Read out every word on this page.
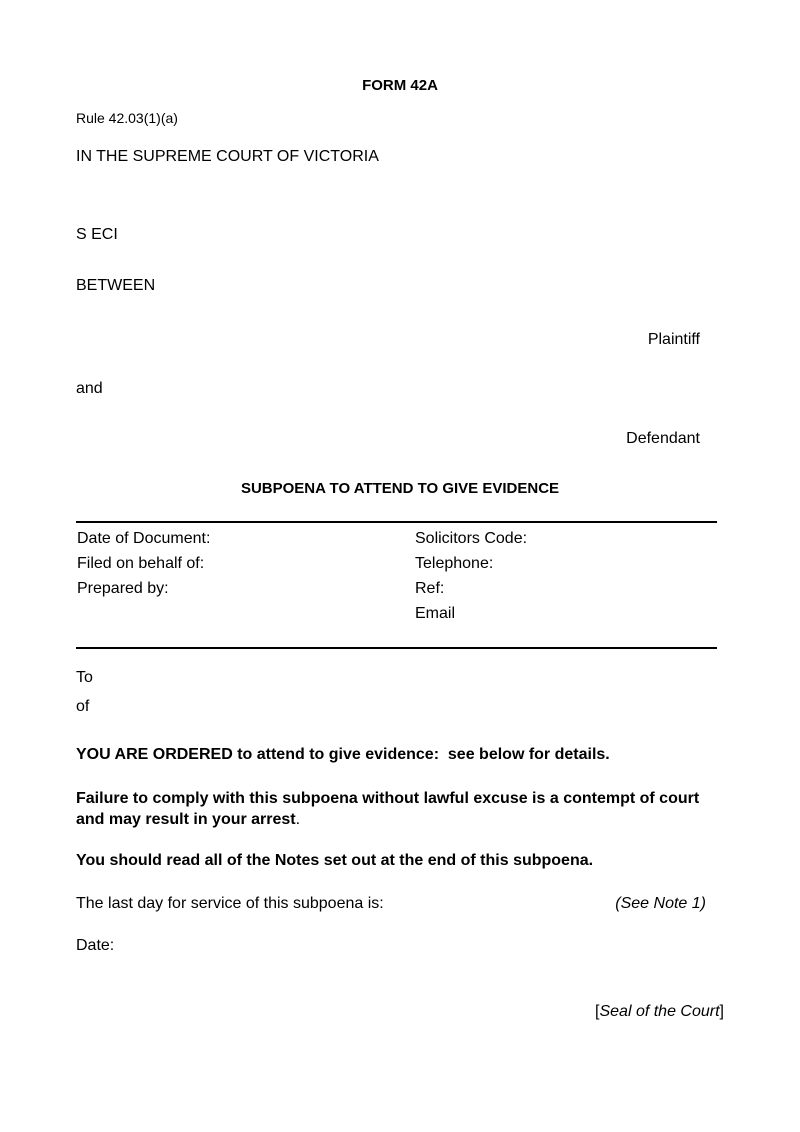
FORM 42A
Rule 42.03(1)(a)
IN THE SUPREME COURT OF VICTORIA
S ECI
BETWEEN
Plaintiff
and
Defendant
SUBPOENA TO ATTEND TO GIVE EVIDENCE
Date of Document:
Filed on behalf of:
Prepared by:
Solicitors Code:
Telephone:
Ref:
Email
To
of
YOU ARE ORDERED to attend to give evidence:  see below for details.
Failure to comply with this subpoena without lawful excuse is a contempt of court and may result in your arrest.
You should read all of the Notes set out at the end of this subpoena.
The last day for service of this subpoena is:	(See Note 1)
Date:
[Seal of the Court]
